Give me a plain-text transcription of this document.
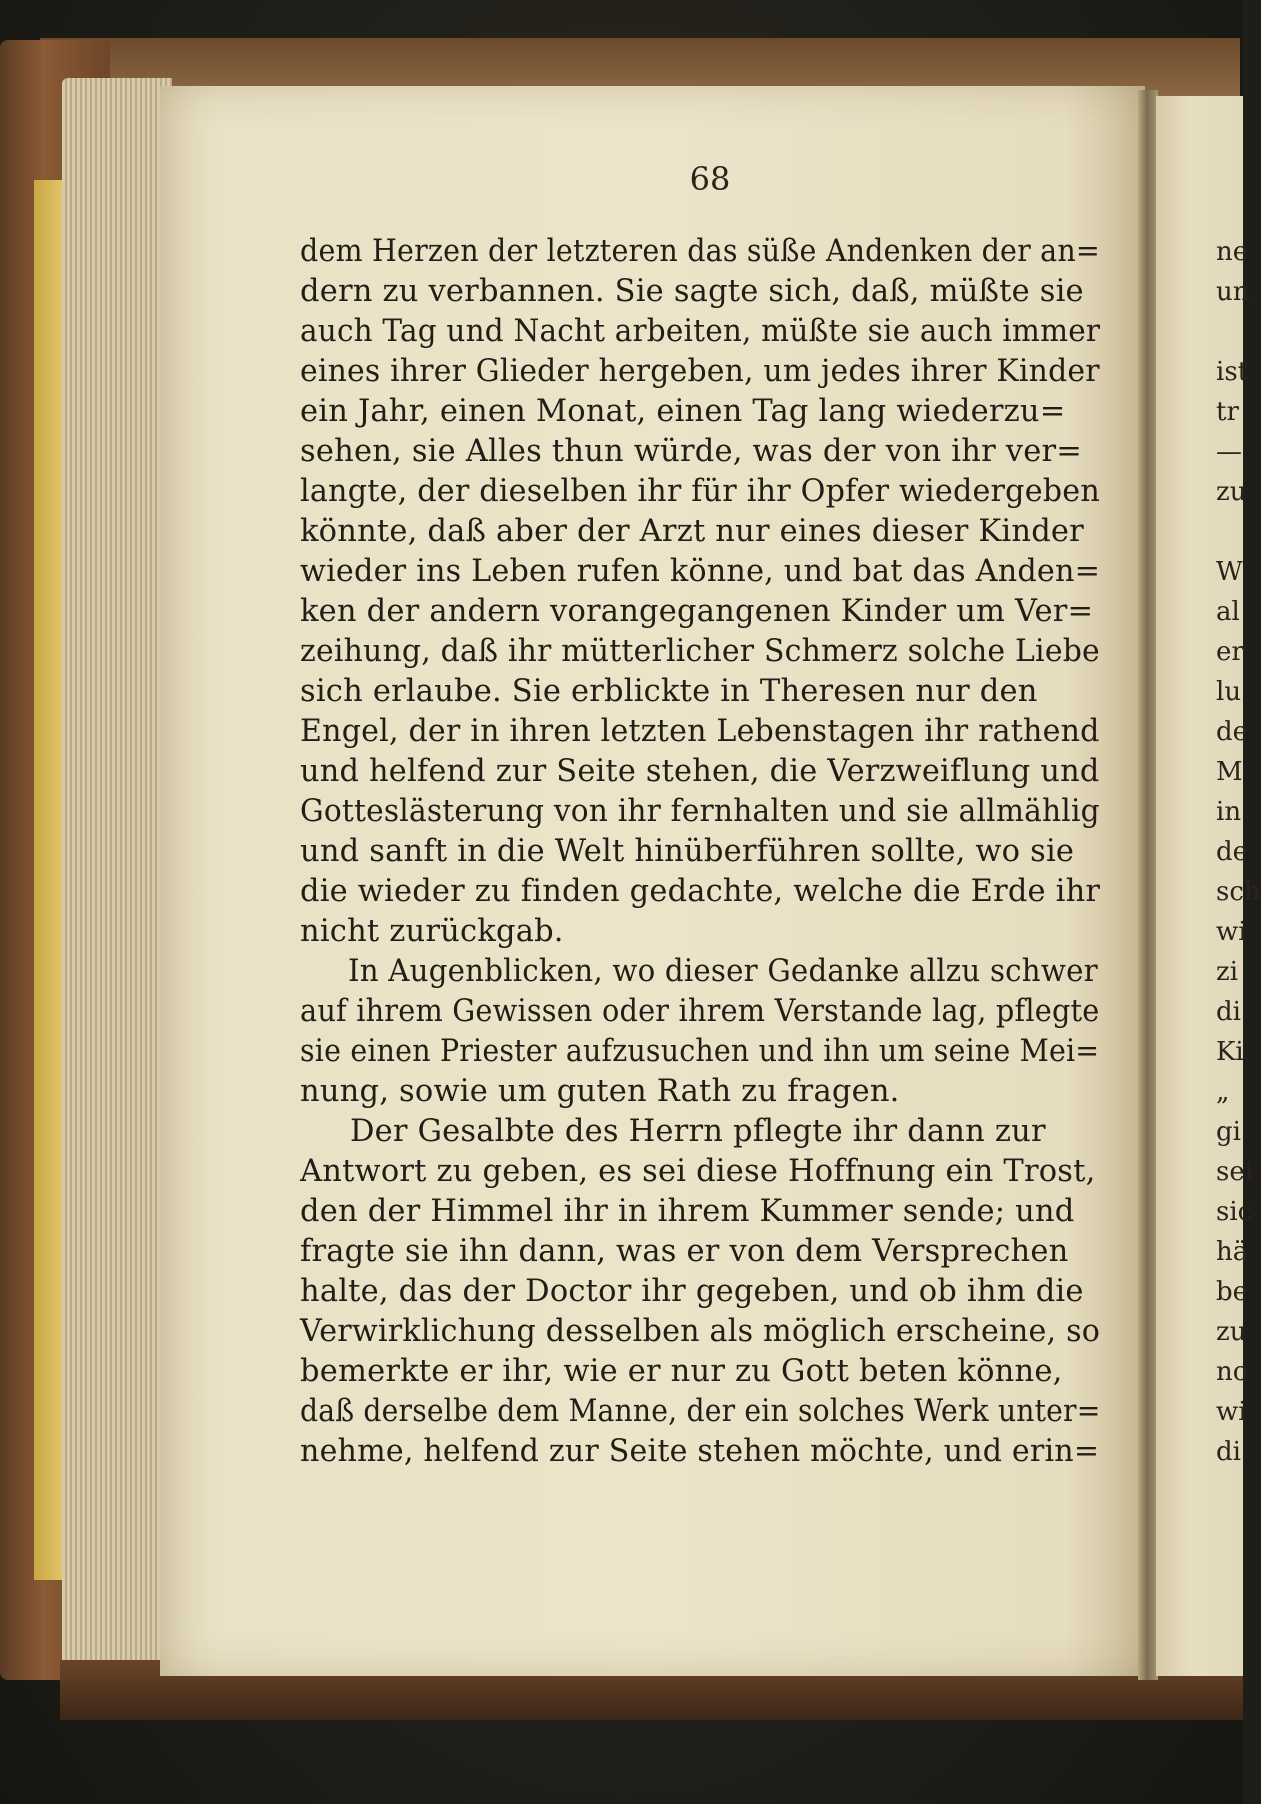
68
dem Herzen der letzteren das süße Andenken der an=
dern zu verbannen. Sie sagte sich, daß, müßte sie
auch Tag und Nacht arbeiten, müßte sie auch immer
eines ihrer Glieder hergeben, um jedes ihrer Kinder
ein Jahr, einen Monat, einen Tag lang wiederzu=
sehen, sie Alles thun würde, was der von ihr ver=
langte, der dieselben ihr für ihr Opfer wiedergeben
könnte, daß aber der Arzt nur eines dieser Kinder
wieder ins Leben rufen könne, und bat das Anden=
ken der andern vorangegangenen Kinder um Ver=
zeihung, daß ihr mütterlicher Schmerz solche Liebe
sich erlaube. Sie erblickte in Theresen nur den
Engel, der in ihren letzten Lebenstagen ihr rathend
und helfend zur Seite stehen, die Verzweiflung und
Gotteslästerung von ihr fernhalten und sie allmählig
und sanft in die Welt hinüberführen sollte, wo sie
die wieder zu finden gedachte, welche die Erde ihr
nicht zurückgab.
In Augenblicken, wo dieser Gedanke allzu schwer
auf ihrem Gewissen oder ihrem Verstande lag, pflegte
sie einen Priester aufzusuchen und ihn um seine Mei=
nung, sowie um guten Rath zu fragen.
Der Gesalbte des Herrn pflegte ihr dann zur
Antwort zu geben, es sei diese Hoffnung ein Trost,
den der Himmel ihr in ihrem Kummer sende; und
fragte sie ihn dann, was er von dem Versprechen
halte, das der Doctor ihr gegeben, und ob ihm die
Verwirklichung desselben als möglich erscheine, so
bemerkte er ihr, wie er nur zu Gott beten könne,
daß derselbe dem Manne, der ein solches Werk unter=
nehme, helfend zur Seite stehen möchte, und erin=
ne
un
ist
tr
—
zu
W
al
er
lu
de
M
in
de
sch
wi
zi
di
Ki
„
gi
sei
sic
hä
be
zu
no
wi
di
